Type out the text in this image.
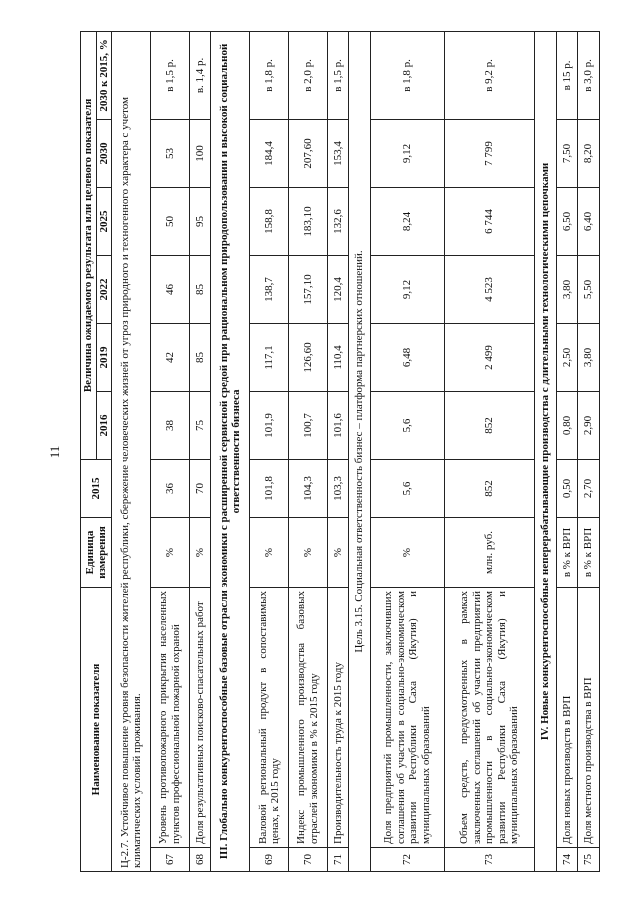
11
Наименование показателя		Единица измерения	2015	Величина ожидаемого результата или целевого показателя					
				2016	2019	2022	2025	2030	2030 к 2015, %
Ц-2.7. Устойчивое повышение уровня безопасности жителей республики, сбережение человеческих жизней от угроз природного и техногенного характера с учетом климатических условий проживания.									
67	Уровень противопожарного прикрытия населенных пунктов профессиональной пожарной охраной	%	36	38	42	46	50	53	в 1,5 р.
68	Доля результативных поисково-спасательных работ	%	70	75	85	85	95	100	в. 1,4 р.
III. Глобально конкурентоспособные базовые отрасли экономики с расширенной сервисной средой при рациональном природопользовании и высокой социальной ответственности бизнеса									
69	Валовой региональный продукт в сопоставимых ценах, к 2015 году	%	101,8	101,9	117,1	138,7	158,8	184,4	в 1,8 р.
70	Индекс промышленного производства базовых отраслей экономики в % к 2015 году	%	104,3	100,7	126,60	157,10	183,10	207,60	в 2,0 р.
71	Производительность труда к 2015 году	%	103,3	101,6	110,4	120,4	132,6	153,4	в 1,5 р.
Цель 3.15. Социальная ответственность бизнес – платформа партнерских отношений.									
72	Доля предприятий промышленности, заключивших соглашения об участии в социально-экономическом развитии Республики Саха (Якутия) и муниципальных образований	%	5,6	5,6	6,48	9,12	8,24	9,12	в 1,8 р.
73	Объем средств, предусмотренных в рамках заключенных соглашений об участии предприятий промышленности в социально-экономическом развитии Республики Саха (Якутия) и муниципальных образований	млн. руб.	852	852	2 499	4 523	6 744	7 799	в 9,2 р.
IV. Новые конкурентоспособные неперерабатывающие производства с длительными технологическими цепочками									
74	Доля новых производств в ВРП	в % к ВРП	0,50	0,80	2,50	3,80	6,50	7,50	в 15 р.
75	Доля местного производства в ВРП	в % к ВРП	2,70	2,90	3,80	5,50	6,40	8,20	в 3,0 р.
